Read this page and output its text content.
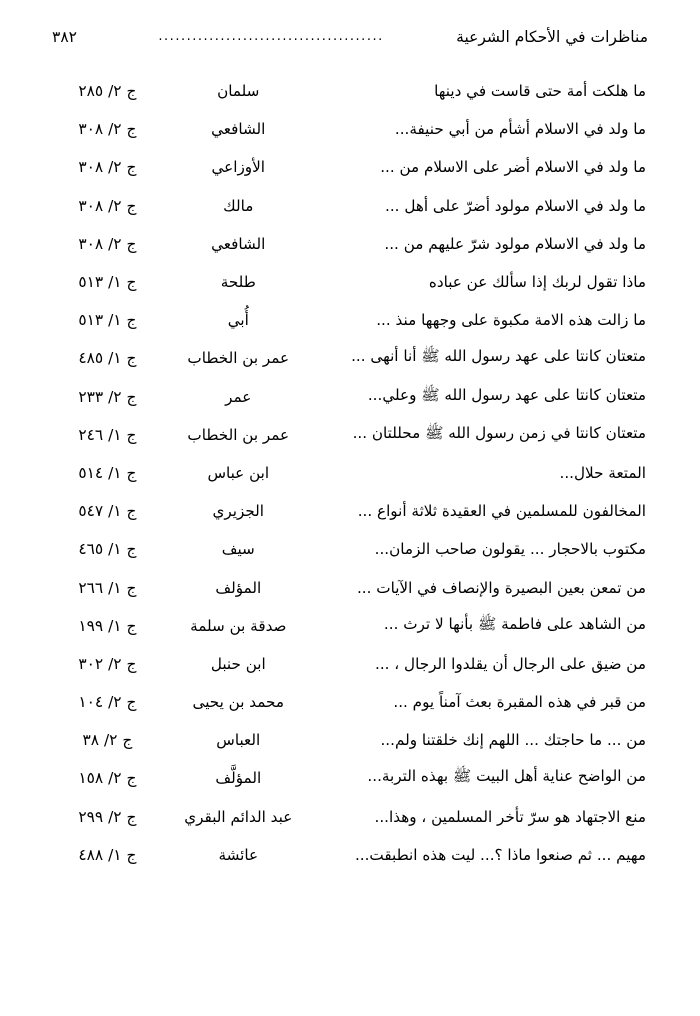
مناظرات في الأحكام الشرعية
........................................
٣٨٢
ما هلكت أمة حتى قاست في دينها	سلمان	ج ٢/ ٢٨٥
ما ولد في الاسلام أشأم من أبي حنيفة...	الشافعي	ج ٢/ ٣٠٨
ما ولد في الاسلام أضر على الاسلام من ...	الأوزاعي	ج ٢/ ٣٠٨
ما ولد في الاسلام مولود أضرّ على أهل ...	مالك	ج ٢/ ٣٠٨
ما ولد في الاسلام مولود شرّ عليهم من ...	الشافعي	ج ٢/ ٣٠٨
ماذا تقول لربك إذا سألك عن عباده	طلحة	ج ١/ ٥١٣
ما زالت هذه الامة مكبوة على وجهها منذ ...	أُبي	ج ١/ ٥١٣
متعتان كانتا على عهد رسول الله ﷺ أنا أنهى ...	عمر بن الخطاب	ج ١/ ٤٨٥
متعتان كانتا على عهد رسول الله ﷺ وعلي...	عمر	ج ٢/ ٢٣٣
متعتان كانتا في زمن رسول الله ﷺ محللتان ...	عمر بن الخطاب	ج ١/ ٢٤٦
المتعة حلال...	ابن عباس	ج ١/ ٥١٤
المخالفون للمسلمين في العقيدة ثلاثة أنواع ...	الجزيري	ج ١/ ٥٤٧
مكتوب بالاحجار ... يقولون صاحب الزمان...	سيف	ج ١/ ٤٦٥
من تمعن بعين البصيرة والإنصاف في الآيات ...	المؤلف	ج ١/ ٢٦٦
من الشاهد على فاطمة ﷺ بأنها لا ترث ...	صدقة بن سلمة	ج ١/ ١٩٩
من ضيق على الرجال أن يقلدوا الرجال ، ...	ابن حنبل	ج ٢/ ٣٠٢
من قبر في هذه المقبرة بعث آمناً يوم ...	محمد بن يحيى	ج ٢/ ١٠٤
من ... ما حاجتك ... اللهم إنك خلقتنا ولم...	العباس	ج ٢/ ٣٨
من الواضح عناية أهل البيت ﷺ بهذه التربة...	المؤلَّف	ج ٢/ ١٥٨
منع الاجتهاد هو سرّ تأخر المسلمين ، وهذا...	عبد الدائم البقري	ج ٢/ ٢٩٩
مهيم ... ثم صنعوا ماذا ؟... ليت هذه انطبقت...	عائشة	ج ١/ ٤٨٨
